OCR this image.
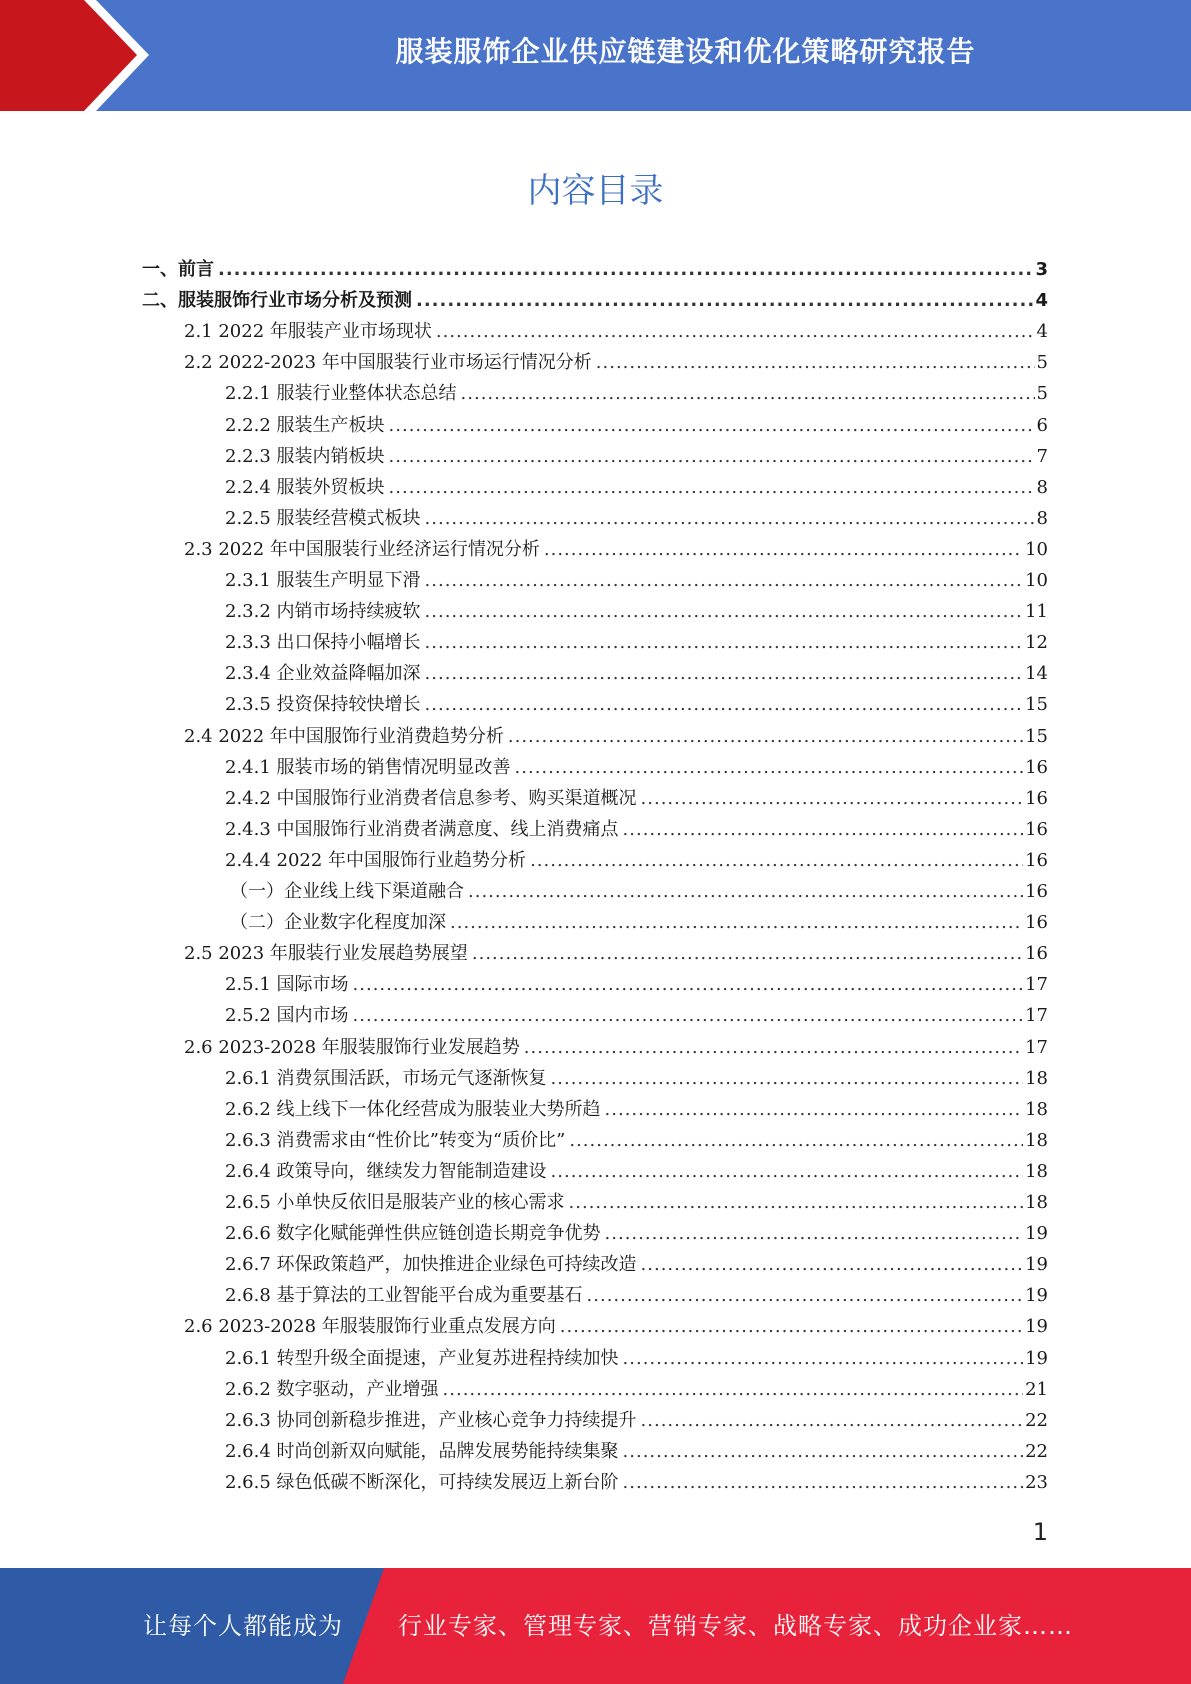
服装服饰企业供应链建设和优化策略研究报告
内容目录
一、前言 .....	3
二、服装服饰行业市场分析及预测 .....	4
2.1 2022 年服装产业市场现状 .....	4
2.2 2022-2023 年中国服装行业市场运行情况分析 .....	5
2.2.1 服装行业整体状态总结 .....	5
2.2.2 服装生产板块 .....	6
2.2.3 服装内销板块 .....	7
2.2.4 服装外贸板块 .....	8
2.2.5 服装经营模式板块 .....	8
2.3 2022 年中国服装行业经济运行情况分析 .....	10
2.3.1 服装生产明显下滑 .....	10
2.3.2 内销市场持续疲软 .....	11
2.3.3 出口保持小幅增长 .....	12
2.3.4 企业效益降幅加深 .....	14
2.3.5 投资保持较快增长 .....	15
2.4 2022 年中国服饰行业消费趋势分析 .....	15
2.4.1 服装市场的销售情况明显改善 .....	16
2.4.2 中国服饰行业消费者信息参考、购买渠道概况 .....	16
2.4.3 中国服饰行业消费者满意度、线上消费痛点 .....	16
2.4.4 2022 年中国服饰行业趋势分析 .....	16
（一）企业线上线下渠道融合 .....	16
（二）企业数字化程度加深 .....	16
2.5 2023 年服装行业发展趋势展望 .....	16
2.5.1 国际市场 .....	17
2.5.2 国内市场 .....	17
2.6 2023-2028 年服装服饰行业发展趋势 .....	17
2.6.1 消费氛围活跃，市场元气逐渐恢复 .....	18
2.6.2 线上线下一体化经营成为服装业大势所趋 .....	18
2.6.3 消费需求由“性价比”转变为“质价比” .....	18
2.6.4 政策导向，继续发力智能制造建设 .....	18
2.6.5 小单快反依旧是服装产业的核心需求 .....	18
2.6.6 数字化赋能弹性供应链创造长期竞争优势 .....	19
2.6.7 环保政策趋严，加快推进企业绿色可持续改造 .....	19
2.6.8 基于算法的工业智能平台成为重要基石 .....	19
2.6 2023-2028 年服装服饰行业重点发展方向 .....	19
2.6.1 转型升级全面提速，产业复苏进程持续加快 .....	19
2.6.2 数字驱动，产业增强 .....	21
2.6.3 协同创新稳步推进，产业核心竞争力持续提升 .....	22
2.6.4 时尚创新双向赋能，品牌发展势能持续集聚 .....	22
2.6.5 绿色低碳不断深化，可持续发展迈上新台阶 .....	23
1
让每个人都能成为 行业专家、管理专家、营销专家、战略专家、成功企业家……
